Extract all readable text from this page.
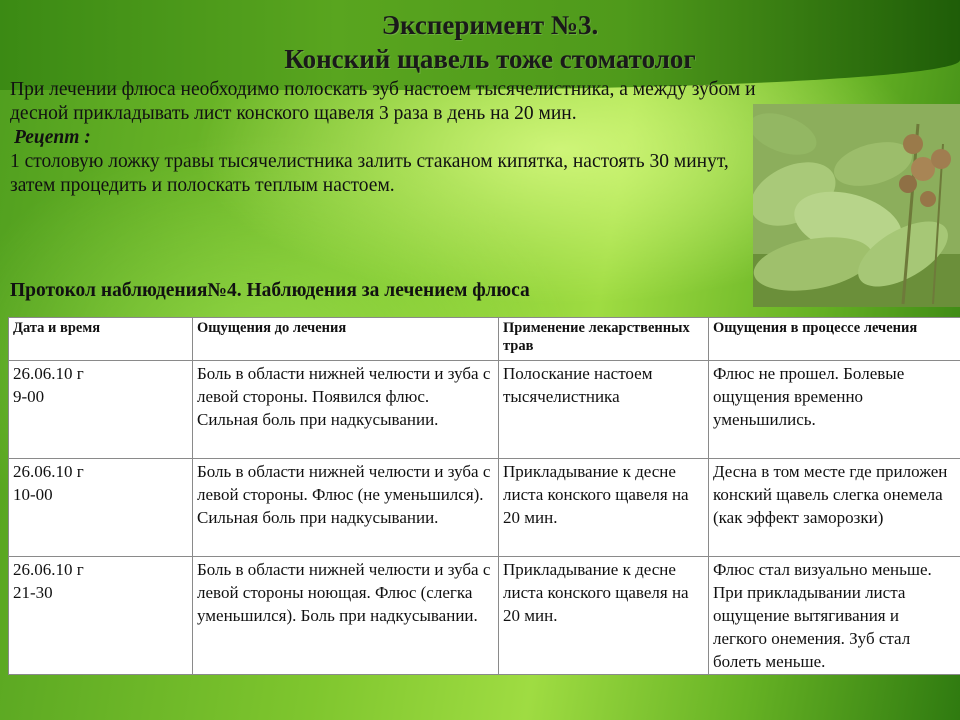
Эксперимент №3.
Конский щавель тоже стоматолог

При лечении флюса необходимо полоскать зуб настоем тысячелистника, а между зубом и десной прикладывать лист конского щавеля 3 раза в день на 20 мин.

Рецепт :

1 столовую ложку травы тысячелистника залить стаканом кипятка, настоять 30 минут, затем процедить и полоскать теплым настоем.

Протокол наблюдения№4. Наблюдения за лечением флюса
Дата и время	Ощущения до лечения	Применение лекарственных трав	Ощущения в процессе лечения
26.06.10 г
9-00	Боль в области нижней челюсти и зуба с левой стороны. Появился флюс. Сильная боль при надкусывании.	Полоскание настоем тысячелистника	Флюс не прошел. Болевые ощущения временно уменьшились.
26.06.10 г
10-00	Боль в области нижней челюсти и зуба с левой стороны. Флюс (не уменьшился). Сильная боль при надкусывании.	Прикладывание к десне листа конского щавеля на 20 мин.	Десна в том месте где приложен конский щавель слегка онемела (как эффект заморозки)
26.06.10 г
21-30	Боль в области нижней челюсти и зуба с левой стороны ноющая. Флюс (слегка уменьшился). Боль при надкусывании.	Прикладывание к десне листа конского щавеля на 20 мин.	Флюс стал визуально меньше. При прикладывании листа ощущение вытягивания и легкого онемения. Зуб стал болеть меньше.
